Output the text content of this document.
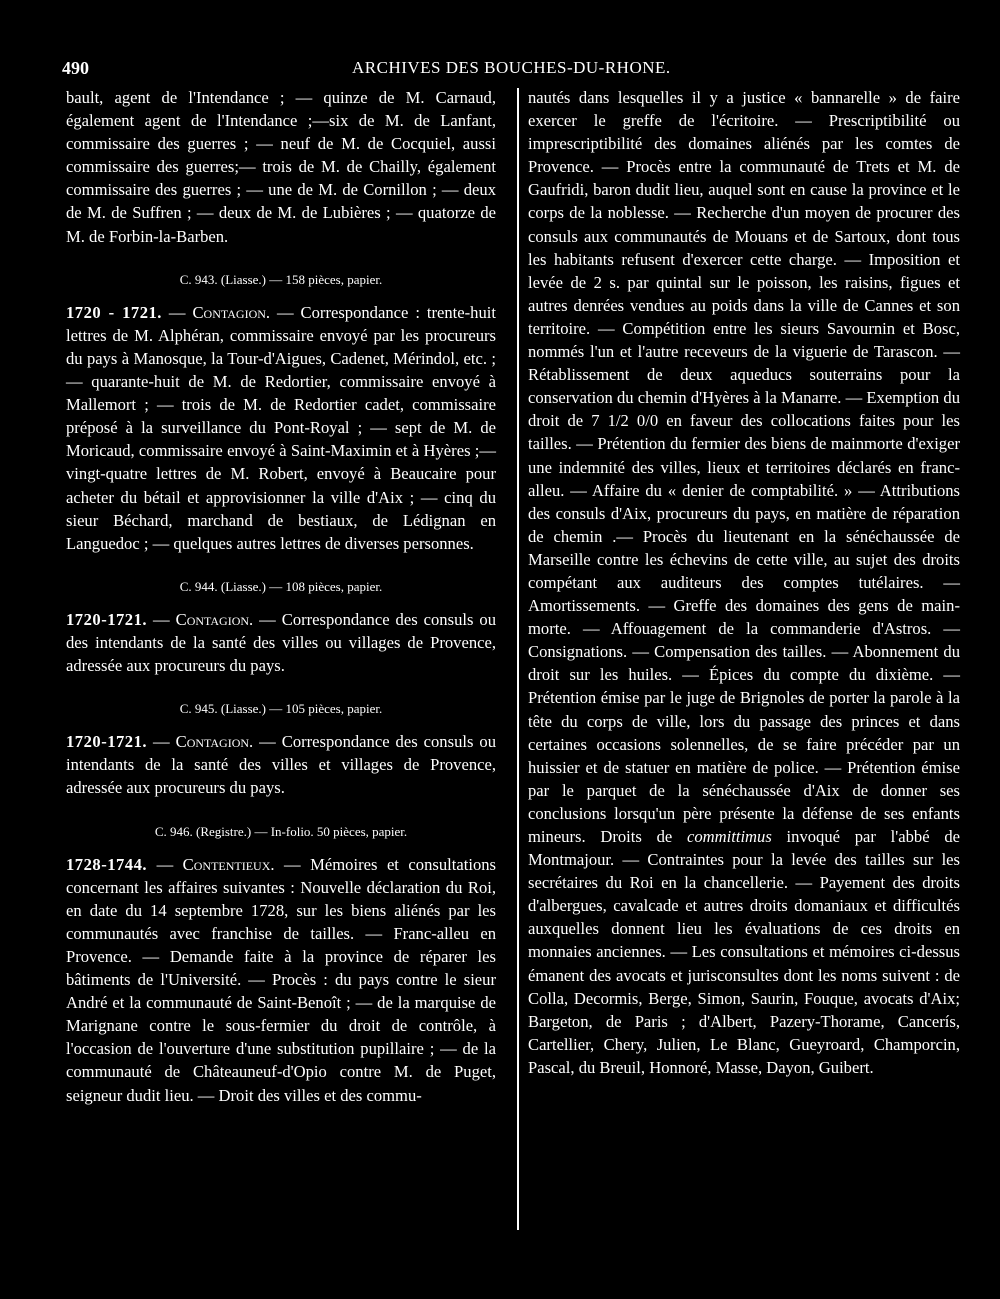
490	ARCHIVES DES BOUCHES-DU-RHONE.

bault, agent de l'Intendance ; — quinze de M. Carnaud, également agent de l'Intendance ;—six de M. de Lanfant, commissaire des guerres ; — neuf de M. de Cocquiel, aussi commissaire des guerres;— trois de M. de Chailly, également commissaire des guerres ; — une de M. de Cornillon ; — deux de M. de Suffren ; — deux de M. de Lubières ; — quatorze de M. de Forbin-la-Barben.

C. 943. (Liasse.) — 158 pièces, papier.

1720 - 1721. — Contagion. — Correspondance : trente-huit lettres de M. Alphéran, commissaire envoyé par les procureurs du pays à Manosque, la Tour-d'Aigues, Cadenet, Mérindol, etc. ; — quarante-huit de M. de Redortier, commissaire envoyé à Mallemort ; — trois de M. de Redortier cadet, commissaire préposé à la surveillance du Pont-Royal ; — sept de M. de Moricaud, commissaire envoyé à Saint-Maximin et à Hyères ;— vingt-quatre lettres de M. Robert, envoyé à Beaucaire pour acheter du bétail et approvisionner la ville d'Aix ; — cinq du sieur Béchard, marchand de bestiaux, de Lédignan en Languedoc ; — quelques autres lettres de diverses personnes.

C. 944. (Liasse.) — 108 pièces, papier.

1720-1721. — Contagion. — Correspondance des consuls ou des intendants de la santé des villes ou villages de Provence, adressée aux procureurs du pays.

C. 945. (Liasse.) — 105 pièces, papier.

1720-1721. — Contagion. — Correspondance des consuls ou intendants de la santé des villes et villages de Provence, adressée aux procureurs du pays.

C. 946. (Registre.) — In-folio. 50 pièces, papier.

1728-1744. — Contentieux. — Mémoires et consultations concernant les affaires suivantes : Nouvelle déclaration du Roi, en date du 14 septembre 1728, sur les biens aliénés par les communautés avec franchise de tailles. — Franc-alleu en Provence. — Demande faite à la province de réparer les bâtiments de l'Université. — Procès : du pays contre le sieur André et la communauté de Saint-Benoît ; — de la marquise de Marignane contre le sous-fermier du droit de contrôle, à l'occasion de l'ouverture d'une substitution pupillaire ; — de la communauté de Châteauneuf-d'Opio contre M. de Puget, seigneur dudit lieu. — Droit des villes et des commu-

nautés dans lesquelles il y a justice « bannarelle » de faire exercer le greffe de l'écritoire. — Prescriptibilité ou imprescriptibilité des domaines aliénés par les comtes de Provence. — Procès entre la communauté de Trets et M. de Gaufridi, baron dudit lieu, auquel sont en cause la province et le corps de la noblesse. — Recherche d'un moyen de procurer des consuls aux communautés de Mouans et de Sartoux, dont tous les habitants refusent d'exercer cette charge. — Imposition et levée de 2 s. par quintal sur le poisson, les raisins, figues et autres denrées vendues au poids dans la ville de Cannes et son territoire. — Compétition entre les sieurs Savournin et Bosc, nommés l'un et l'autre receveurs de la viguerie de Tarascon. — Rétablissement de deux aqueducs souterrains pour la conservation du chemin d'Hyères à la Manarre. — Exemption du droit de 7 1/2 0/0 en faveur des collocations faites pour les tailles. — Prétention du fermier des biens de mainmorte d'exiger une indemnité des villes, lieux et territoires déclarés en franc-alleu. — Affaire du « denier de comptabilité. » — Attributions des consuls d'Aix, procureurs du pays, en matière de réparation de chemin .— Procès du lieutenant en la sénéchaussée de Marseille contre les échevins de cette ville, au sujet des droits compétant aux auditeurs des comptes tutélaires. — Amortissements. — Greffe des domaines des gens de main-morte. — Affouagement de la commanderie d'Astros. — Consignations. — Compensation des tailles. — Abonnement du droit sur les huiles. — Épices du compte du dixième. — Prétention émise par le juge de Brignoles de porter la parole à la tête du corps de ville, lors du passage des princes et dans certaines occasions solennelles, de se faire précéder par un huissier et de statuer en matière de police. — Prétention émise par le parquet de la sénéchaussée d'Aix de donner ses conclusions lorsqu'un père présente la défense de ses enfants mineurs. Droits de committimus invoqué par l'abbé de Montmajour. — Contraintes pour la levée des tailles sur les secrétaires du Roi en la chancellerie. — Payement des droits d'albergues, cavalcade et autres droits domaniaux et difficultés auxquelles donnent lieu les évaluations de ces droits en monnaies anciennes. — Les consultations et mémoires ci-dessus émanent des avocats et jurisconsultes dont les noms suivent : de Colla, Decormis, Berge, Simon, Saurin, Fouque, avocats d'Aix; Bargeton, de Paris ; d'Albert, Pazery-Thorame, Cancerís, Cartellier, Chery, Julien, Le Blanc, Gueyroard, Champorcin, Pascal, du Breuil, Honnoré, Masse, Dayon, Guibert.
